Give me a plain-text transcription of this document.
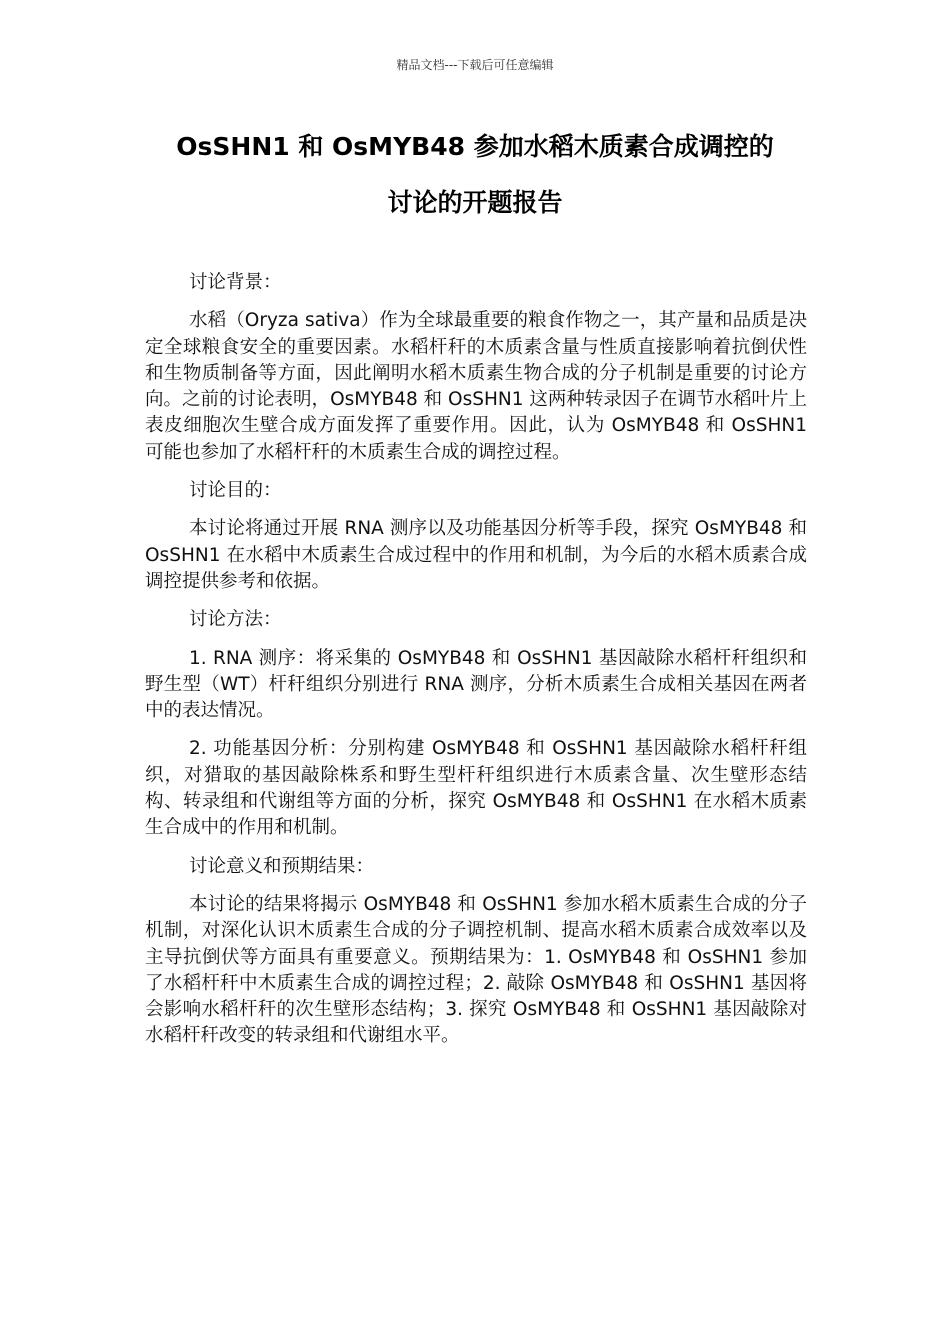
精品文档---下载后可任意编辑

OsSHN1 和 OsMYB48 参加水稻木质素合成调控的

讨论的开题报告

讨论背景：

水稻（Oryza sativa）作为全球最重要的粮食作物之一，其产量和品质是决定全球粮食安全的重要因素。水稻杆秆的木质素含量与性质直接影响着抗倒伏性和生物质制备等方面，因此阐明水稻木质素生物合成的分子机制是重要的讨论方向。之前的讨论表明，OsMYB48 和 OsSHN1 这两种转录因子在调节水稻叶片上表皮细胞次生壁合成方面发挥了重要作用。因此，认为 OsMYB48 和 OsSHN1 可能也参加了水稻杆秆的木质素生合成的调控过程。

讨论目的：

本讨论将通过开展 RNA 测序以及功能基因分析等手段，探究 OsMYB48 和 OsSHN1 在水稻中木质素生合成过程中的作用和机制，为今后的水稻木质素合成调控提供参考和依据。

讨论方法：

1. RNA 测序：将采集的 OsMYB48 和 OsSHN1 基因敲除水稻杆秆组织和野生型（WT）杆秆组织分别进行 RNA 测序，分析木质素生合成相关基因在两者中的表达情况。

2. 功能基因分析：分别构建 OsMYB48 和 OsSHN1 基因敲除水稻杆秆组织，对猎取的基因敲除株系和野生型杆秆组织进行木质素含量、次生壁形态结构、转录组和代谢组等方面的分析，探究 OsMYB48 和 OsSHN1 在水稻木质素生合成中的作用和机制。

讨论意义和预期结果：

本讨论的结果将揭示 OsMYB48 和 OsSHN1 参加水稻木质素生合成的分子机制，对深化认识木质素生合成的分子调控机制、提高水稻木质素合成效率以及主导抗倒伏等方面具有重要意义。预期结果为：1. OsMYB48 和 OsSHN1 参加了水稻杆秆中木质素生合成的调控过程；2. 敲除 OsMYB48 和 OsSHN1 基因将会影响水稻杆秆的次生壁形态结构；3. 探究 OsMYB48 和 OsSHN1 基因敲除对水稻杆秆改变的转录组和代谢组水平。
